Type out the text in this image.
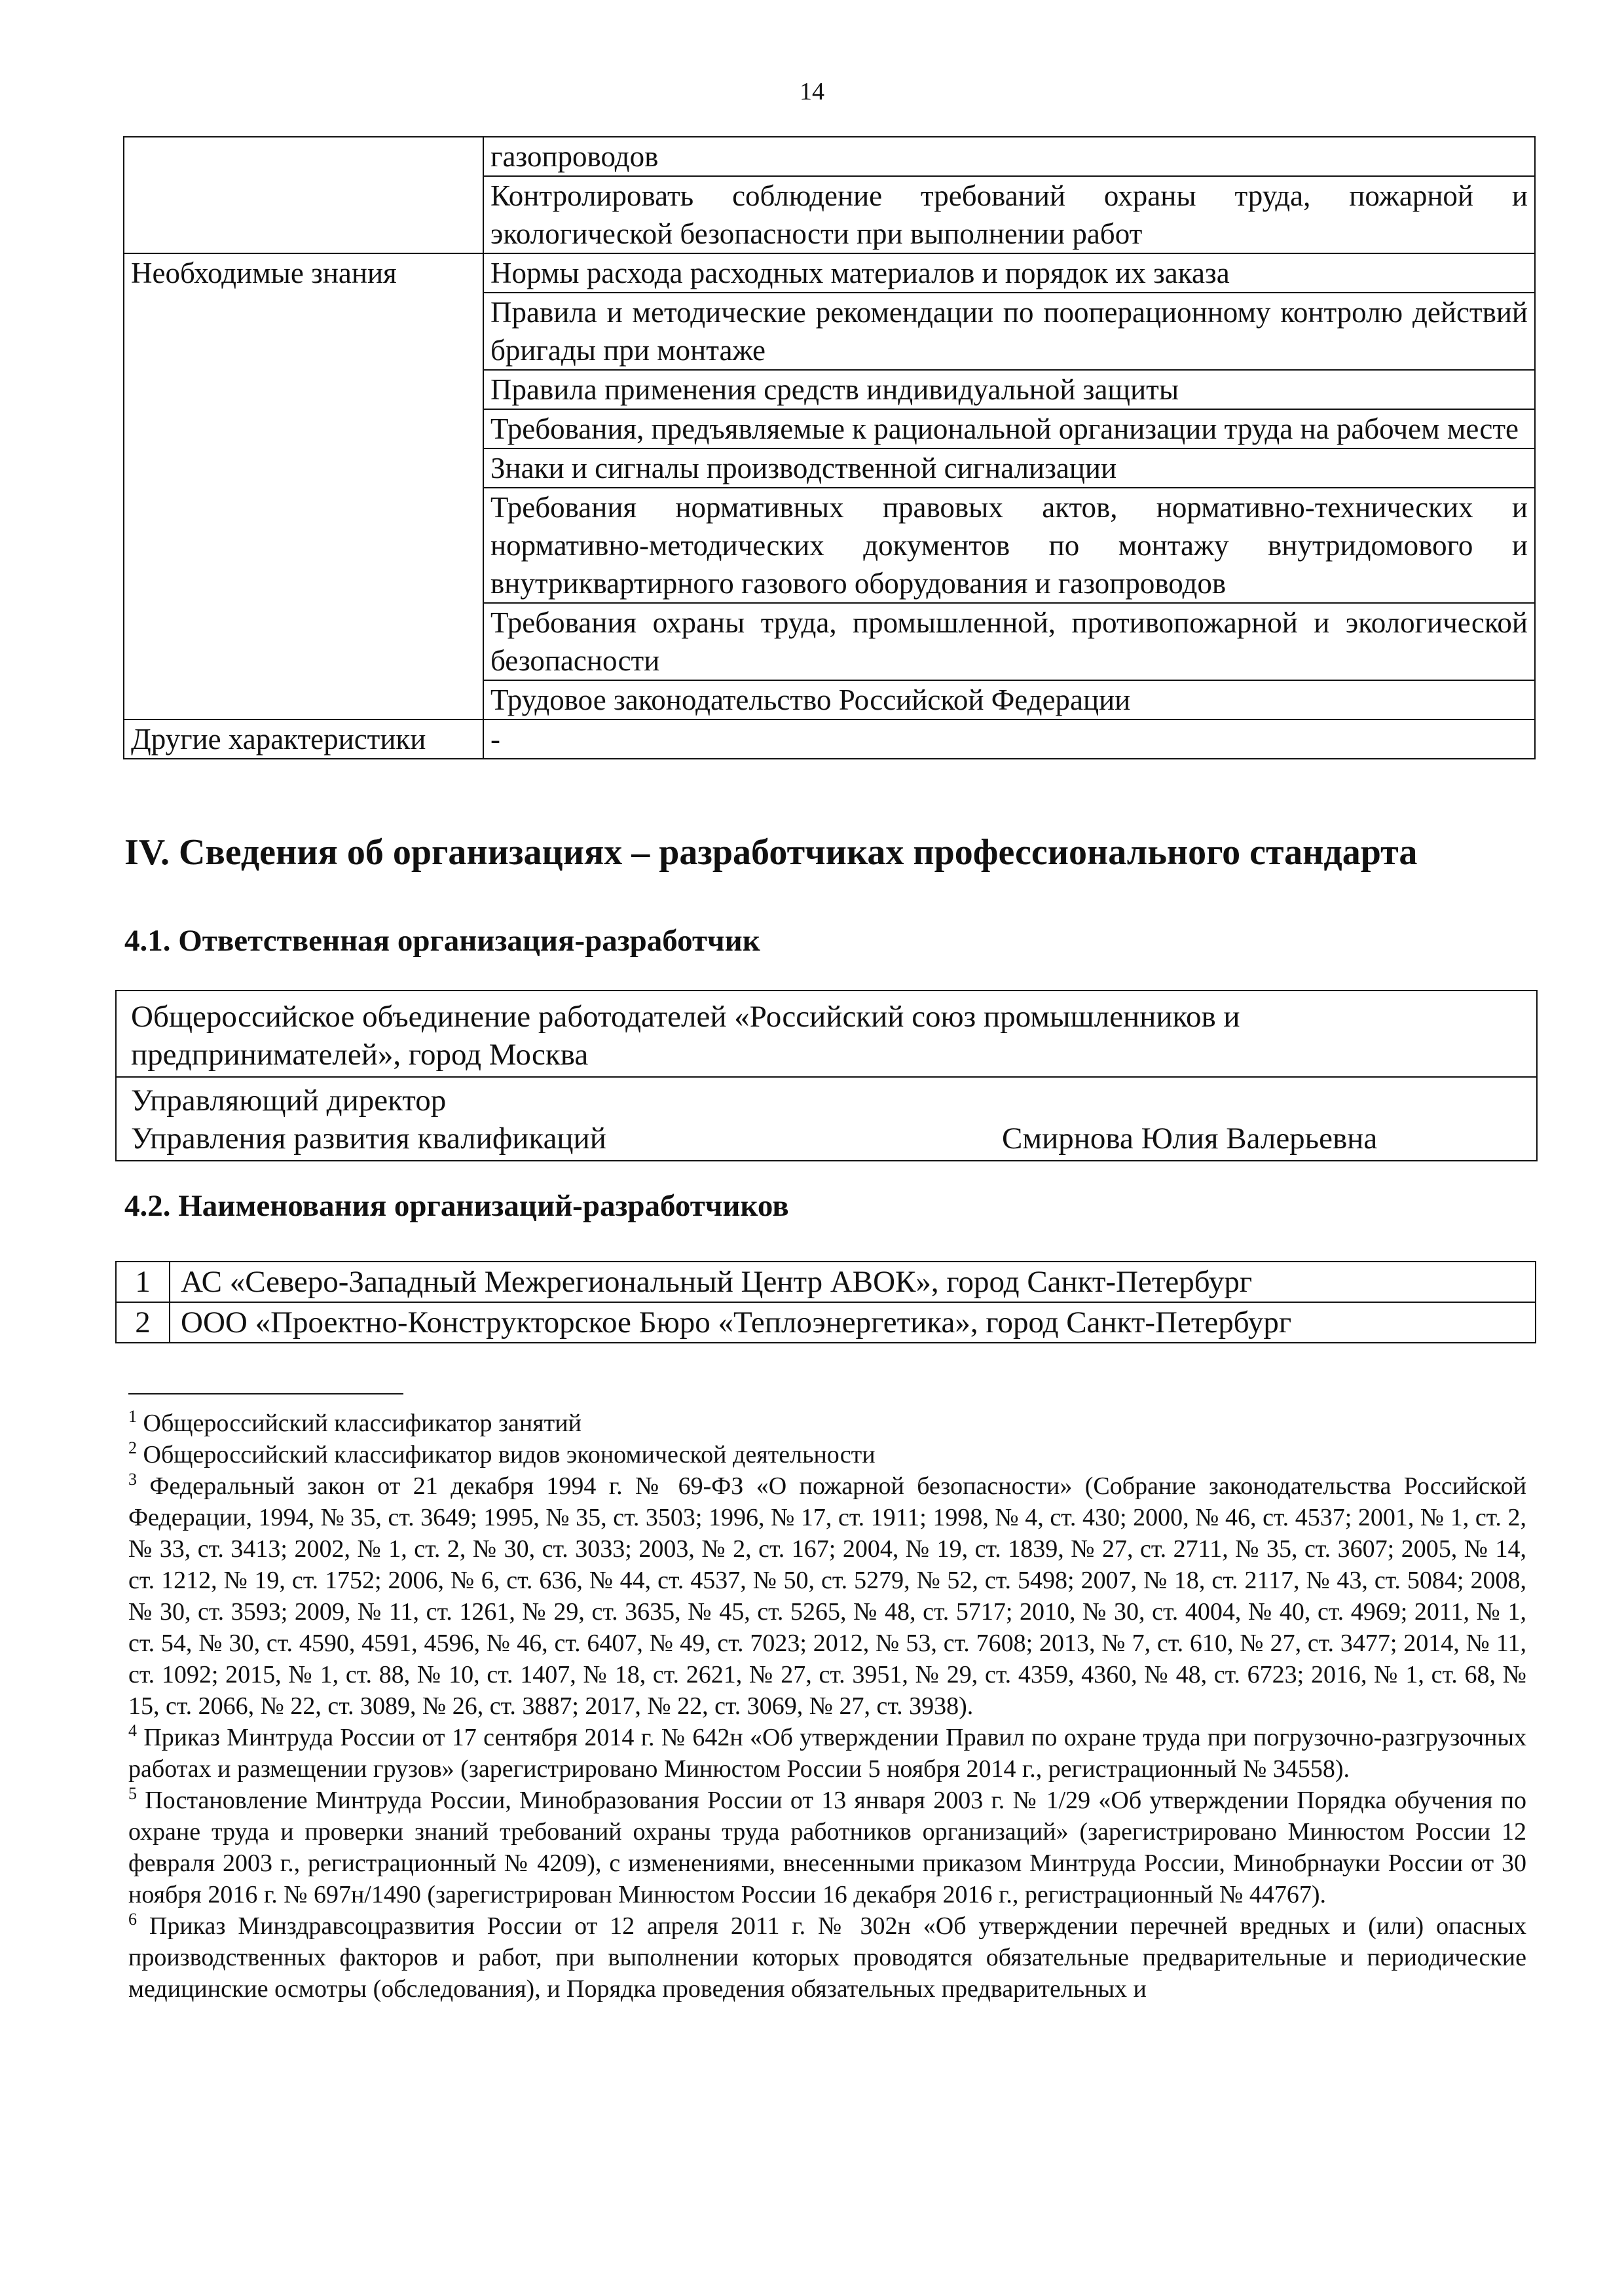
14
	газопроводов
	Контролировать соблюдение требований охраны труда, пожарной и экологической безопасности при выполнении работ
Необходимые знания	Нормы расхода расходных материалов и порядок их заказа
	Правила и методические рекомендации по пооперационному контролю действий бригады при монтаже
	Правила применения средств индивидуальной защиты
	Требования, предъявляемые к рациональной организации труда на рабочем месте
	Знаки и сигналы производственной сигнализации
	Требования нормативных правовых актов, нормативно-технических и нормативно-методических документов по монтажу внутридомового и внутриквартирного газового оборудования и газопроводов
	Требования охраны труда, промышленной, противопожарной и экологической безопасности
	Трудовое законодательство Российской Федерации
Другие характеристики	-
IV. Сведения об организациях – разработчиках профессионального стандарта
4.1. Ответственная организация-разработчик
Общероссийское объединение работодателей «Российский союз промышленников и
предпринимателей», город Москва
Управляющий директор
Управления развития квалификаций	Смирнова Юлия Валерьевна
4.2. Наименования организаций-разработчиков
1	АС «Северо-Западный Межрегиональный Центр АВОК», город Санкт-Петербург
2	ООО «Проектно-Конструкторское Бюро «Теплоэнергетика», город Санкт-Петербург

$^1$ Общероссийский классификатор занятий

$^2$ Общероссийский классификатор видов экономической деятельности

$^3$ Федеральный закон от 21 декабря 1994 г. № 69-ФЗ «О пожарной безопасности» (Собрание законодательства Российской Федерации, 1994, № 35, ст. 3649; 1995, № 35, ст. 3503; 1996, № 17, ст. 1911; 1998, № 4, ст. 430; 2000, № 46, ст. 4537; 2001, № 1, ст. 2, № 33, ст. 3413; 2002, № 1, ст. 2, № 30, ст. 3033; 2003, № 2, ст. 167; 2004, № 19, ст. 1839, № 27, ст. 2711, № 35, ст. 3607; 2005, № 14, ст. 1212, № 19, ст. 1752; 2006, № 6, ст. 636, № 44, ст. 4537, № 50, ст. 5279, № 52, ст. 5498; 2007, № 18, ст. 2117, № 43, ст. 5084; 2008, № 30, ст. 3593; 2009, № 11, ст. 1261, № 29, ст. 3635, № 45, ст. 5265, № 48, ст. 5717; 2010, № 30, ст. 4004, № 40, ст. 4969; 2011, № 1, ст. 54, № 30, ст. 4590, 4591, 4596, № 46, ст. 6407, № 49, ст. 7023; 2012, № 53, ст. 7608; 2013, № 7, ст. 610, № 27, ст. 3477; 2014, № 11, ст. 1092; 2015, № 1, ст. 88, № 10, ст. 1407, № 18, ст. 2621, № 27, ст. 3951, № 29, ст. 4359, 4360, № 48, ст. 6723; 2016, № 1, ст. 68, № 15, ст. 2066, № 22, ст. 3089, № 26, ст. 3887; 2017, № 22, ст. 3069, № 27, ст. 3938).

$^4$ Приказ Минтруда России от 17 сентября 2014 г. № 642н «Об утверждении Правил по охране труда при погрузочно-разгрузочных работах и размещении грузов» (зарегистрировано Минюстом России 5 ноября 2014 г., регистрационный № 34558).

$^5$ Постановление Минтруда России, Минобразования России от 13 января 2003 г. № 1/29 «Об утверждении Порядка обучения по охране труда и проверки знаний требований охраны труда работников организаций» (зарегистрировано Минюстом России 12 февраля 2003 г., регистрационный № 4209), с изменениями, внесенными приказом Минтруда России, Минобрнауки России от 30 ноября 2016 г. № 697н/1490 (зарегистрирован Минюстом России 16 декабря 2016 г., регистрационный № 44767).

$^6$ Приказ Минздравсоцразвития России от 12 апреля 2011 г. № 302н «Об утверждении перечней вредных и (или) опасных производственных факторов и работ, при выполнении которых проводятся обязательные предварительные и периодические медицинские осмотры (обследования), и Порядка проведения обязательных предварительных и
